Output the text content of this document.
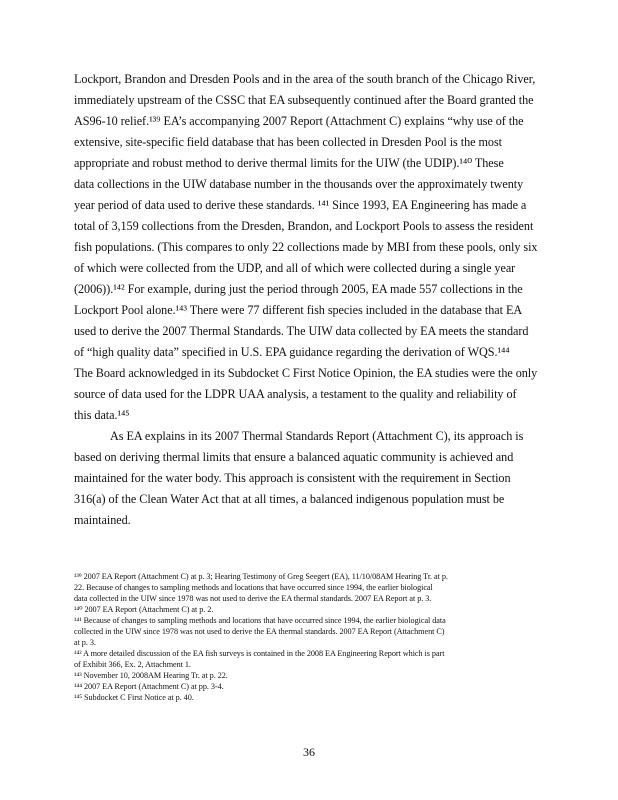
Lockport, Brandon and Dresden Pools and in the area of the south branch of the Chicago River,
immediately upstream of the CSSC that EA subsequently continued after the Board granted the
AS96-10 relief.¹³⁹ EA’s accompanying 2007 Report (Attachment C) explains “why use of the
extensive, site-specific field database that has been collected in Dresden Pool is the most
appropriate and robust method to derive thermal limits for the UIW (the UDIP).¹⁴⁰ These
data collections in the UIW database number in the thousands over the approximately twenty
year period of data used to derive these standards. ¹⁴¹ Since 1993, EA Engineering has made a
total of 3,159 collections from the Dresden, Brandon, and Lockport Pools to assess the resident
fish populations. (This compares to only 22 collections made by MBI from these pools, only six
of which were collected from the UDP, and all of which were collected during a single year
(2006)).¹⁴² For example, during just the period through 2005, EA made 557 collections in the
Lockport Pool alone.¹⁴³ There were 77 different fish species included in the database that EA
used to derive the 2007 Thermal Standards. The UIW data collected by EA meets the standard
of “high quality data” specified in U.S. EPA guidance regarding the derivation of WQS.¹⁴⁴
The Board acknowledged in its Subdocket C First Notice Opinion, the EA studies were the only
source of data used for the LDPR UAA analysis, a testament to the quality and reliability of
this data.¹⁴⁵
As EA explains in its 2007 Thermal Standards Report (Attachment C), its approach is
based on deriving thermal limits that ensure a balanced aquatic community is achieved and
maintained for the water body. This approach is consistent with the requirement in Section
316(a) of the Clean Water Act that at all times, a balanced indigenous population must be
maintained.
¹³⁹ 2007 EA Report (Attachment C) at p. 3; Hearing Testimony of Greg Seegert (EA), 11/10/08AM Hearing Tr. at p.
22. Because of changes to sampling methods and locations that have occurred since 1994, the earlier biological
data collected in the UIW since 1978 was not used to derive the EA thermal standards. 2007 EA Report at p. 3.
¹⁴⁰ 2007 EA Report (Attachment C) at p. 2.
¹⁴¹ Because of changes to sampling methods and locations that have occurred since 1994, the earlier biological data
collected in the UIW since 1978 was not used to derive the EA thermal standards. 2007 EA Report (Attachment C)
at p. 3.
¹⁴² A more detailed discussion of the EA fish surveys is contained in the 2008 EA Engineering Report which is part
of Exhibit 366, Ex. 2, Attachment 1.
¹⁴³ November 10, 2008AM Hearing Tr. at p. 22.
¹⁴⁴ 2007 EA Report (Attachment C) at pp. 3-4.
¹⁴⁵ Subdocket C First Notice at p. 40.
36
